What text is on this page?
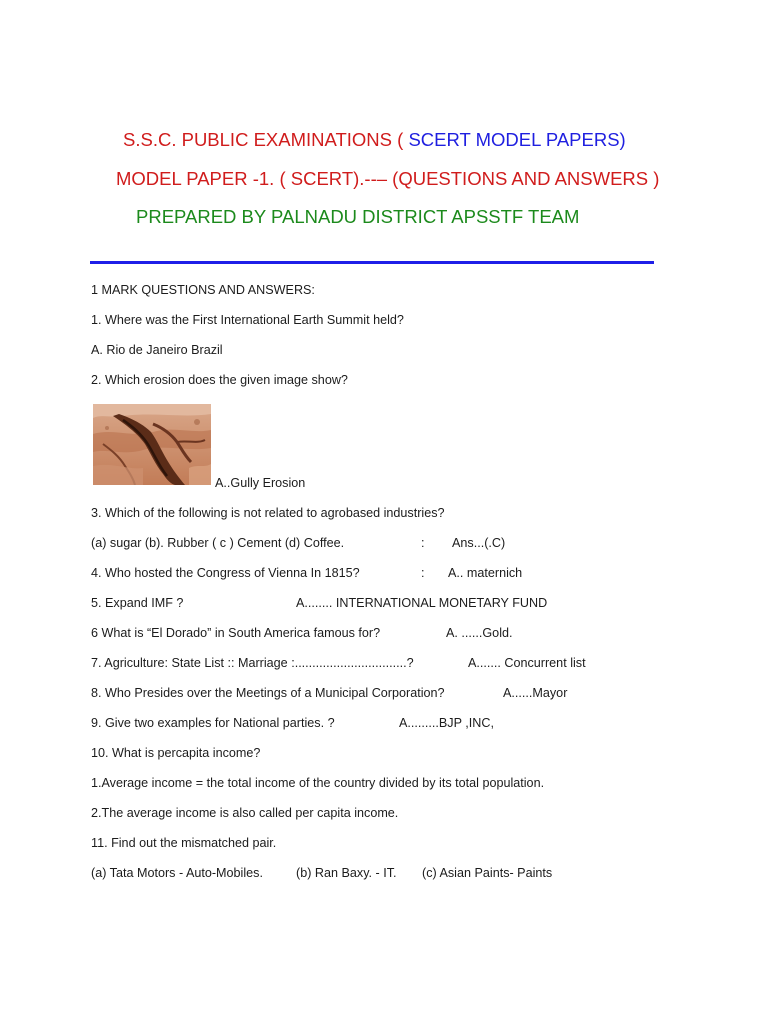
S.S.C. PUBLIC EXAMINATIONS ( SCERT MODEL PAPERS)
MODEL PAPER -1. ( SCERT).--– (QUESTIONS AND ANSWERS )
PREPARED BY PALNADU DISTRICT APSSTF TEAM
1 MARK QUESTIONS AND ANSWERS:
1. Where was the First International Earth Summit held?
A. Rio de Janeiro Brazil
2. Which erosion does the given image show?
A..Gully Erosion
3. Which of the following is not related to agrobased industries?
(a) sugar (b). Rubber ( c ) Cement (d) Coffee.	: Ans...(.C)
4. Who hosted the Congress of Vienna In 1815?	: A.. maternich
5. Expand IMF ?	A........ INTERNATIONAL MONETARY FUND
6 What is “El Dorado” in South America famous for?	A. ......Gold.
7. Agriculture: State List :: Marriage :................................?	A....... Concurrent list
8. Who Presides over the Meetings of a Municipal Corporation?	A......Mayor
9. Give two examples for National parties. ?	A.........BJP ,INC,
10. What is percapita income?
1.Average income = the total income of the country divided by its total population.
2.The average income is also called per capita income.
11. Find out the mismatched pair.
(a) Tata Motors - Auto-Mobiles.	(b) Ran Baxy. - IT. (c) Asian Paints- Paints
